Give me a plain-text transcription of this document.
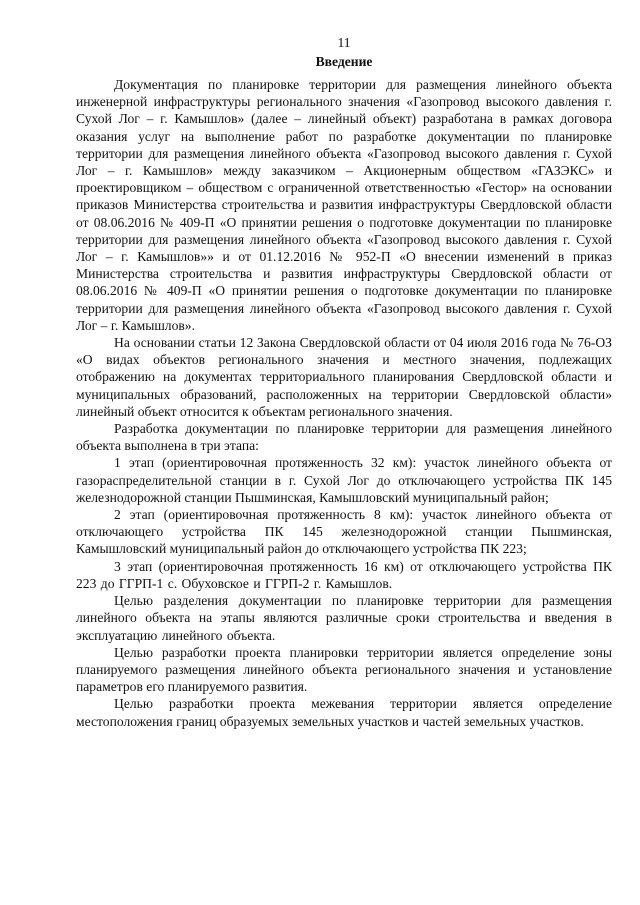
11
Введение

Документация по планировке территории для размещения линейного объекта инженерной инфраструктуры регионального значения «Газопровод высокого давления г. Сухой Лог – г. Камышлов» (далее – линейный объект) разработана в рамках договора оказания услуг на выполнение работ по разработке документации по планировке территории для размещения линейного объекта «Газопровод высокого давления г. Сухой Лог – г. Камышлов» между заказчиком – Акционерным обществом «ГАЗЭКС» и проектировщиком – обществом с ограниченной ответственностью «Гестор» на основании приказов Министерства строительства и развития инфраструктуры Свердловской области от 08.06.2016 № 409-П «О принятии решения о подготовке документации по планировке территории для размещения линейного объекта «Газопровод высокого давления г. Сухой Лог – г. Камышлов»» и от 01.12.2016 № 952-П «О внесении изменений в приказ Министерства строительства и развития инфраструктуры Свердловской области от 08.06.2016 № 409-П «О принятии решения о подготовке документации по планировке территории для размещения линейного объекта «Газопровод высокого давления г. Сухой Лог – г. Камышлов».

На основании статьи 12 Закона Свердловской области от 04 июля 2016 года № 76-ОЗ «О видах объектов регионального значения и местного значения, подлежащих отображению на документах территориального планирования Свердловской области и муниципальных образований, расположенных на территории Свердловской области» линейный объект относится к объектам регионального значения.

Разработка документации по планировке территории для размещения линейного объекта выполнена в три этапа:

1 этап (ориентировочная протяженность 32 км): участок линейного объекта от газораспределительной станции в г. Сухой Лог до отключающего устройства ПК 145 железнодорожной станции Пышминская, Камышловский муниципальный район;

2 этап (ориентировочная протяженность 8 км): участок линейного объекта от отключающего устройства ПК 145 железнодорожной станции Пышминская, Камышловский муниципальный район до отключающего устройства ПК 223;

3 этап (ориентировочная протяженность 16 км) от отключающего устройства ПК 223 до ГГРП-1 с. Обуховское и ГГРП-2 г. Камышлов.

Целью разделения документации по планировке территории для размещения линейного объекта на этапы являются различные сроки строительства и введения в эксплуатацию линейного объекта.

Целью разработки проекта планировки территории является определение зоны планируемого размещения линейного объекта регионального значения и установление параметров его планируемого развития.

Целью разработки проекта межевания территории является определение местоположения границ образуемых земельных участков и частей земельных участков.
